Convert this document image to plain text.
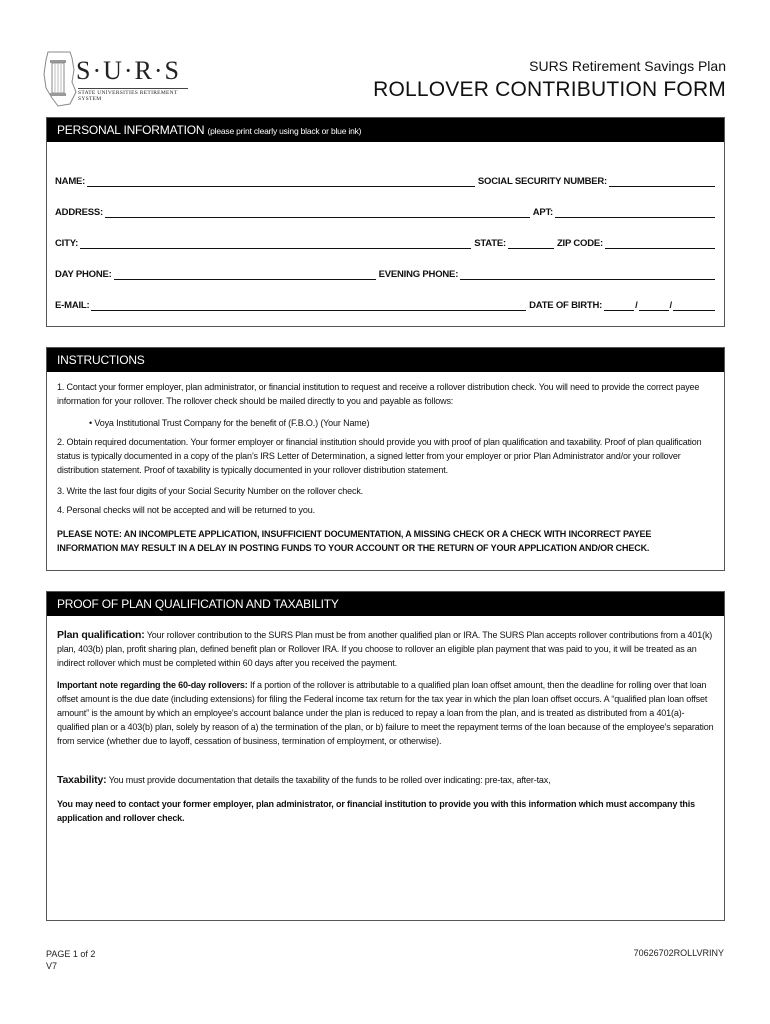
S·U·R·S
STATE UNIVERSITIES RETIREMENT SYSTEM
SURS Retirement Savings Plan
ROLLOVER CONTRIBUTION FORM
PERSONAL INFORMATION (please print clearly using black or blue ink)
NAME:	SOCIAL SECURITY NUMBER:
ADDRESS:	APT:
CITY:	STATE:	ZIP CODE:
DAY PHONE:	EVENING PHONE:
E-MAIL:	DATE OF BIRTH:	/	/
INSTRUCTIONS
1. Contact your former employer, plan administrator, or financial institution to request and receive a rollover distribution check. You will need to provide the correct payee information for your rollover. The rollover check should be mailed directly to you and payable as follows:
• Voya Institutional Trust Company for the benefit of (F.B.O.) (Your Name)
2. Obtain required documentation. Your former employer or financial institution should provide you with proof of plan qualification and taxability. Proof of plan qualification status is typically documented in a copy of the plan’s IRS Letter of Determination, a signed letter from your employer or prior Plan Administrator and/or your rollover distribution statement. Proof of taxability is typically documented in your rollover distribution statement.
3. Write the last four digits of your Social Security Number on the rollover check.
4. Personal checks will not be accepted and will be returned to you.
PLEASE NOTE: AN INCOMPLETE APPLICATION, INSUFFICIENT DOCUMENTATION, A MISSING CHECK OR A CHECK WITH INCORRECT PAYEE INFORMATION MAY RESULT IN A DELAY IN POSTING FUNDS TO YOUR ACCOUNT OR THE RETURN OF YOUR APPLICATION AND/OR CHECK.
PROOF OF PLAN QUALIFICATION AND TAXABILITY
Plan qualification: Your rollover contribution to the SURS Plan must be from another qualified plan or IRA. The SURS Plan accepts rollover contributions from a 401(k) plan, 403(b) plan, profit sharing plan, defined benefit plan or Rollover IRA. If you choose to rollover an eligible plan payment that was paid to you, it will be treated as an indirect rollover which must be completed within 60 days after you received the payment.
Important note regarding the 60-day rollovers: If a portion of the rollover is attributable to a qualified plan loan offset amount, then the deadline for rolling over that loan offset amount is the due date (including extensions) for filing the Federal income tax return for the tax year in which the plan loan offset occurs. A “qualified plan loan offset amount” is the amount by which an employee’s account balance under the plan is reduced to repay a loan from the plan, and is treated as distributed from a 401(a)-qualified plan or a 403(b) plan, solely by reason of a) the termination of the plan, or b) failure to meet the repayment terms of the loan because of the employee’s separation from service (whether due to layoff, cessation of business, termination of employment, or otherwise).
Taxability: You must provide documentation that details the taxability of the funds to be rolled over indicating: pre-tax, after-tax,
You may need to contact your former employer, plan administrator, or financial institution to provide you with this information which must accompany this application and rollover check.
PAGE 1 of 2
V7
70626702ROLLVRINY
